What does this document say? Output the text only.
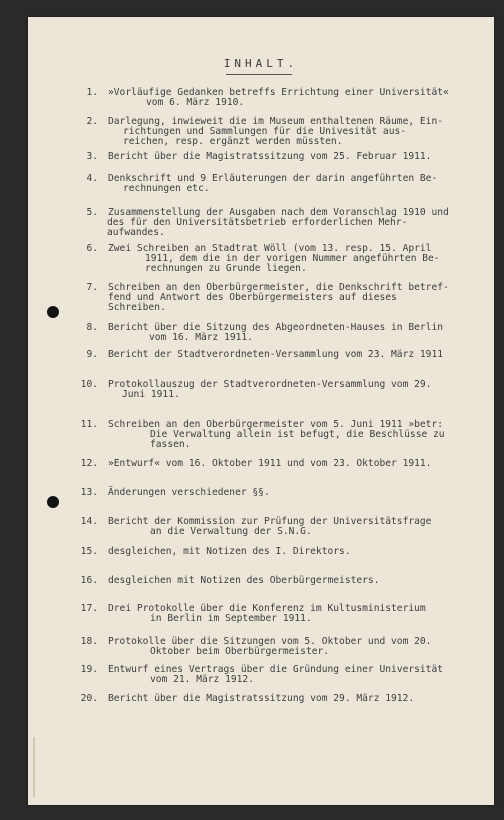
INHALT.
1. »Vorläufige Gedanken betreffs Errichtung einer Universität«
vom 6. März 1910.
2. Darlegung, inwieweit die im Museum enthaltenen Räume, Ein-
richtungen und Sammlungen für die Univesität aus-
reichen, resp. ergänzt werden müssten.
3. Bericht über die Magistratssitzung vom 25. Februar 1911.
4. Denkschrift und 9 Erläuterungen der darin angeführten Be-
rechnungen etc.
5. Zusammenstellung der Ausgaben nach dem Voranschlag 1910 und
des für den Universitätsbetrieb erforderlichen Mehr-
aufwandes.
6. Zwei Schreiben an Stadtrat Wöll (vom 13. resp. 15. April
1911, dem die in der vorigen Nummer angeführten Be-
rechnungen zu Grunde liegen.
7. Schreiben an den Oberbürgermeister, die Denkschrift betref-
fend und Antwort des Oberbürgermeisters auf dieses
Schreiben.
8. Bericht über die Sitzung des Abgeordneten-Hauses in Berlin
vom 16. März 1911.
9. Bericht der Stadtverordneten-Versammlung vom 23. März 1911
10. Protokollauszug der Stadtverordneten-Versammlung vom 29.
Juni 1911.
11. Schreiben an den Oberbürgermeister vom 5. Juni 1911 »betr:
Die Verwaltung allein ist befugt, die Beschlüsse zu
fassen.
12. »Entwurf« vom 16. Oktober 1911 und vom 23. Oktober 1911.
13. Änderungen verschiedener §§.
14. Bericht der Kommission zur Prüfung der Universitätsfrage
an die Verwaltung der S.N.G.
15. desgleichen, mit Notizen des I. Direktors.
16. desgleichen mit Notizen des Oberbürgermeisters.
17. Drei Protokolle über die Konferenz im Kultusministerium
in Berlin im September 1911.
18. Protokolle über die Sitzungen vom 5. Oktober und vom 20.
Oktober beim Oberbürgermeister.
19. Entwurf eines Vertrags über die Gründung einer Universität
vom 21. März 1912.
20. Bericht über die Magistratssitzung vom 29. März 1912.
